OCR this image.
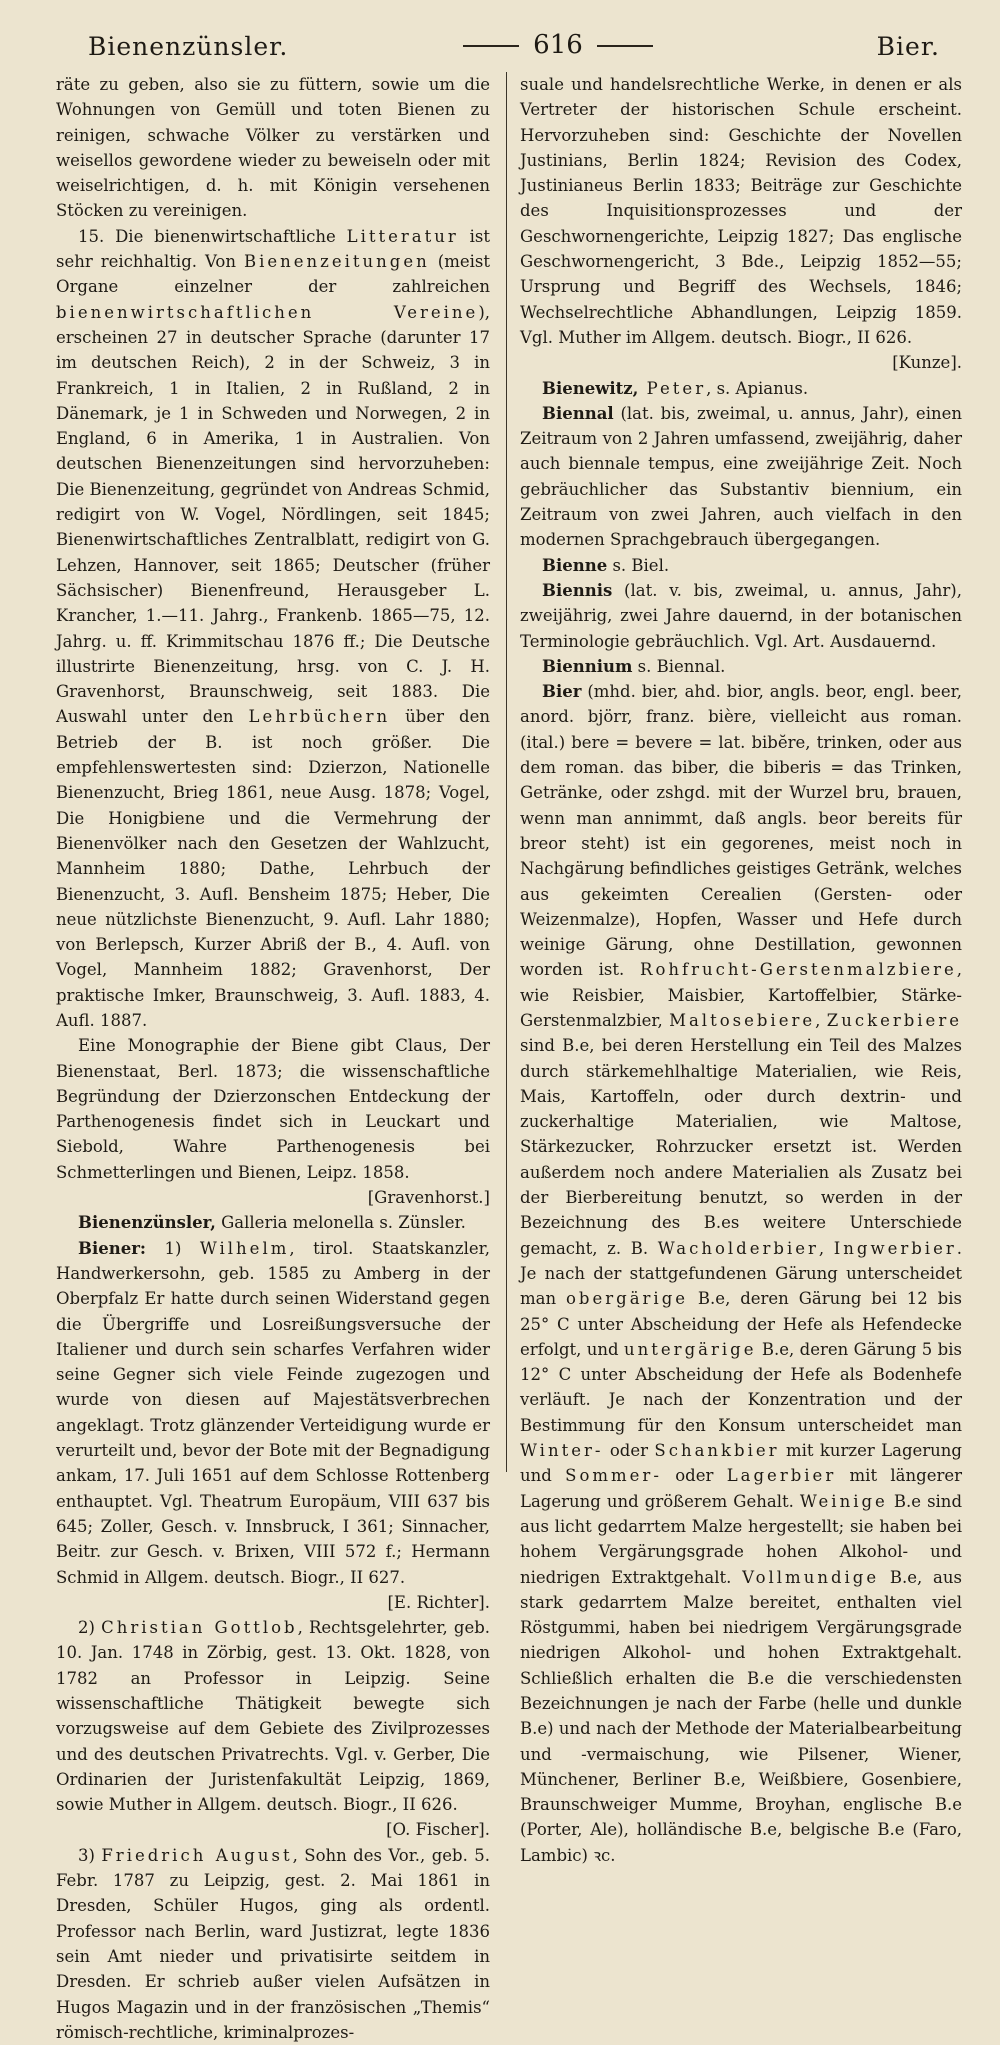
Bienenzünsler.	616	Bier.

räte zu geben, also sie zu füttern, sowie um die Wohnungen von Gemüll und toten Bienen zu reinigen, schwache Völker zu verstärken und weisellos gewordene wieder zu beweiseln oder mit weiselrichtigen, d. h. mit Königin versehenen Stöcken zu vereinigen.

15. Die bienenwirtschaftliche Litteratur ist sehr reichhaltig. Von Bienenzeitungen (meist Organe einzelner der zahlreichen bienenwirtschaftlichen Vereine), erscheinen 27 in deutscher Sprache (darunter 17 im deutschen Reich), 2 in der Schweiz, 3 in Frankreich, 1 in Italien, 2 in Rußland, 2 in Dänemark, je 1 in Schweden und Norwegen, 2 in England, 6 in Amerika, 1 in Australien. Von deutschen Bienenzeitungen sind hervorzuheben: Die Bienenzeitung, gegründet von Andreas Schmid, redigirt von W. Vogel, Nördlingen, seit 1845; Bienenwirtschaftliches Zentralblatt, redigirt von G. Lehzen, Hannover, seit 1865; Deutscher (früher Sächsischer) Bienenfreund, Herausgeber L. Krancher, 1.—11. Jahrg., Frankenb. 1865—75, 12. Jahrg. u. ff. Krimmitschau 1876 ff.; Die Deutsche illustrirte Bienenzeitung, hrsg. von C. J. H. Gravenhorst, Braunschweig, seit 1883. Die Auswahl unter den Lehrbüchern über den Betrieb der B. ist noch größer. Die empfehlenswertesten sind: Dzierzon, Nationelle Bienenzucht, Brieg 1861, neue Ausg. 1878; Vogel, Die Honigbiene und die Vermehrung der Bienenvölker nach den Gesetzen der Wahlzucht, Mannheim 1880; Dathe, Lehrbuch der Bienenzucht, 3. Aufl. Bensheim 1875; Heber, Die neue nützlichste Bienenzucht, 9. Aufl. Lahr 1880; von Berlepsch, Kurzer Abriß der B., 4. Aufl. von Vogel, Mannheim 1882; Gravenhorst, Der praktische Imker, Braunschweig, 3. Aufl. 1883, 4. Aufl. 1887.

Eine Monographie der Biene gibt Claus, Der Bienenstaat, Berl. 1873; die wissenschaftliche Begründung der Dzierzonschen Entdeckung der Parthenogenesis findet sich in Leuckart und Siebold, Wahre Parthenogenesis bei Schmetterlingen und Bienen, Leipz. 1858.
[Gravenhorst.]

Bienenzünsler, Galleria melonella s. Zünsler.

Biener: 1) Wilhelm, tirol. Staatskanzler, Handwerkersohn, geb. 1585 zu Amberg in der Oberpfalz Er hatte durch seinen Widerstand gegen die Übergriffe und Losreißungsversuche der Italiener und durch sein scharfes Verfahren wider seine Gegner sich viele Feinde zugezogen und wurde von diesen auf Majestätsverbrechen angeklagt. Trotz glänzender Verteidigung wurde er verurteilt und, bevor der Bote mit der Begnadigung ankam, 17. Juli 1651 auf dem Schlosse Rottenberg enthauptet. Vgl. Theatrum Europäum, VIII 637 bis 645; Zoller, Gesch. v. Innsbruck, I 361; Sinnacher, Beitr. zur Gesch. v. Brixen, VIII 572 f.; Hermann Schmid in Allgem. deutsch. Biogr., II 627.
[E. Richter].

2) Christian Gottlob, Rechtsgelehrter, geb. 10. Jan. 1748 in Zörbig, gest. 13. Okt. 1828, von 1782 an Professor in Leipzig. Seine wissenschaftliche Thätigkeit bewegte sich vorzugsweise auf dem Gebiete des Zivilprozesses und des deutschen Privatrechts. Vgl. v. Gerber, Die Ordinarien der Juristenfakultät Leipzig, 1869, sowie Muther in Allgem. deutsch. Biogr., II 626.
[O. Fischer].

3) Friedrich August, Sohn des Vor., geb. 5. Febr. 1787 zu Leipzig, gest. 2. Mai 1861 in Dresden, Schüler Hugos, ging als ordentl. Professor nach Berlin, ward Justizrat, legte 1836 sein Amt nieder und privatisirte seitdem in Dresden. Er schrieb außer vielen Aufsätzen in Hugos Magazin und in der französischen „Themis“ römisch-rechtliche, kriminalprozes-

suale und handelsrechtliche Werke, in denen er als Vertreter der historischen Schule erscheint. Hervorzuheben sind: Geschichte der Novellen Justinians, Berlin 1824; Revision des Codex, Justinianeus Berlin 1833; Beiträge zur Geschichte des Inquisitionsprozesses und der Geschwornengerichte, Leipzig 1827; Das englische Geschwornengericht, 3 Bde., Leipzig 1852—55; Ursprung und Begriff des Wechsels, 1846; Wechselrechtliche Abhandlungen, Leipzig 1859. Vgl. Muther im Allgem. deutsch. Biogr., II 626.
[Kunze].

Bienewitz, Peter, s. Apianus.

Biennal (lat. bis, zweimal, u. annus, Jahr), einen Zeitraum von 2 Jahren umfassend, zweijährig, daher auch biennale tempus, eine zweijährige Zeit. Noch gebräuchlicher das Substantiv biennium, ein Zeitraum von zwei Jahren, auch vielfach in den modernen Sprachgebrauch übergegangen.

Bienne s. Biel.

Biennis (lat. v. bis, zweimal, u. annus, Jahr), zweijährig, zwei Jahre dauernd, in der botanischen Terminologie gebräuchlich. Vgl. Art. Ausdauernd.

Biennium s. Biennal.

Bier (mhd. bier, ahd. bior, angls. beor, engl. beer, anord. björr, franz. bière, vielleicht aus roman. (ital.) bere = bevere = lat. bibĕre, trinken, oder aus dem roman. das biber, die biberis = das Trinken, Getränke, oder zshgd. mit der Wurzel bru, brauen, wenn man annimmt, daß angls. beor bereits für breor steht) ist ein gegorenes, meist noch in Nachgärung befindliches geistiges Getränk, welches aus gekeimten Cerealien (Gersten- oder Weizenmalze), Hopfen, Wasser und Hefe durch weinige Gärung, ohne Destillation, gewonnen worden ist. Rohfrucht-Gerstenmalzbiere, wie Reisbier, Maisbier, Kartoffelbier, Stärke-Gerstenmalzbier, Maltosebiere, Zuckerbiere sind B.e, bei deren Herstellung ein Teil des Malzes durch stärkemehlhaltige Materialien, wie Reis, Mais, Kartoffeln, oder durch dextrin- und zuckerhaltige Materialien, wie Maltose, Stärkezucker, Rohrzucker ersetzt ist. Werden außerdem noch andere Materialien als Zusatz bei der Bierbereitung benutzt, so werden in der Bezeichnung des B.es weitere Unterschiede gemacht, z. B. Wacholderbier, Ingwerbier. Je nach der stattgefundenen Gärung unterscheidet man obergärige B.e, deren Gärung bei 12 bis 25° C unter Abscheidung der Hefe als Hefendecke erfolgt, und untergärige B.e, deren Gärung 5 bis 12° C unter Abscheidung der Hefe als Bodenhefe verläuft. Je nach der Konzentration und der Bestimmung für den Konsum unterscheidet man Winter- oder Schankbier mit kurzer Lagerung und Sommer- oder Lagerbier mit längerer Lagerung und größerem Gehalt. Weinige B.e sind aus licht gedarrtem Malze hergestellt; sie haben bei hohem Vergärungsgrade hohen Alkohol- und niedrigen Extraktgehalt. Vollmundige B.e, aus stark gedarrtem Malze bereitet, enthalten viel Röstgummi, haben bei niedrigem Vergärungsgrade niedrigen Alkohol- und hohen Extraktgehalt. Schließlich erhalten die B.e die verschiedensten Bezeichnungen je nach der Farbe (helle und dunkle B.e) und nach der Methode der Materialbearbeitung und -vermaischung, wie Pilsener, Wiener, Münchener, Berliner B.e, Weißbiere, Gosenbiere, Braunschweiger Mumme, Broyhan, englische B.e (Porter, Ale), holländische B.e, belgische B.e (Faro, Lambic) ꝛc.
